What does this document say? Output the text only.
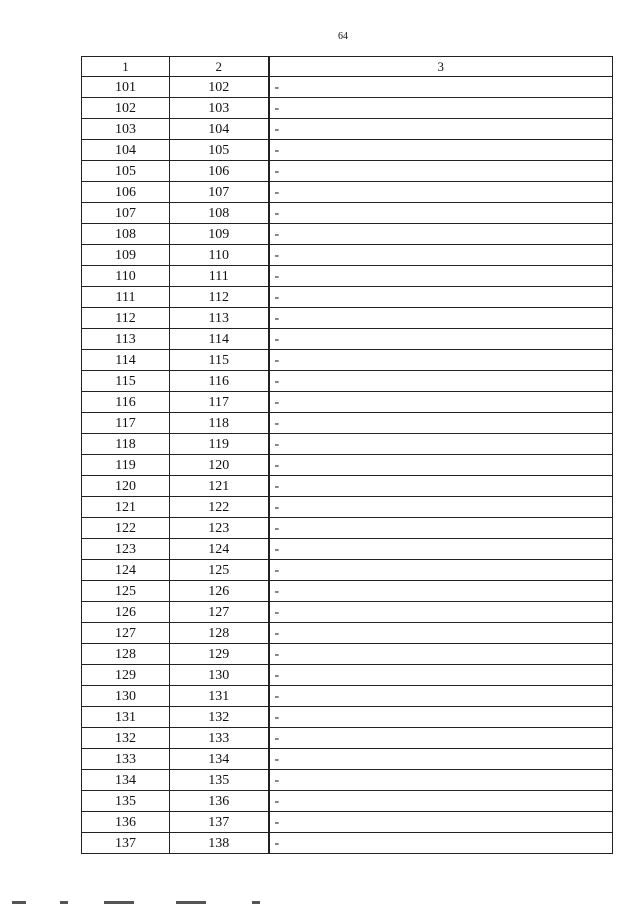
64
1	2	3
101	102	-
102	103	-
103	104	-
104	105	-
105	106	-
106	107	-
107	108	-
108	109	-
109	110	-
110	111	-
111	112	-
112	113	-
113	114	-
114	115	-
115	116	-
116	117	-
117	118	-
118	119	-
119	120	-
120	121	-
121	122	-
122	123	-
123	124	-
124	125	-
125	126	-
126	127	-
127	128	-
128	129	-
129	130	-
130	131	-
131	132	-
132	133	-
133	134	-
134	135	-
135	136	-
136	137	-
137	138	-
